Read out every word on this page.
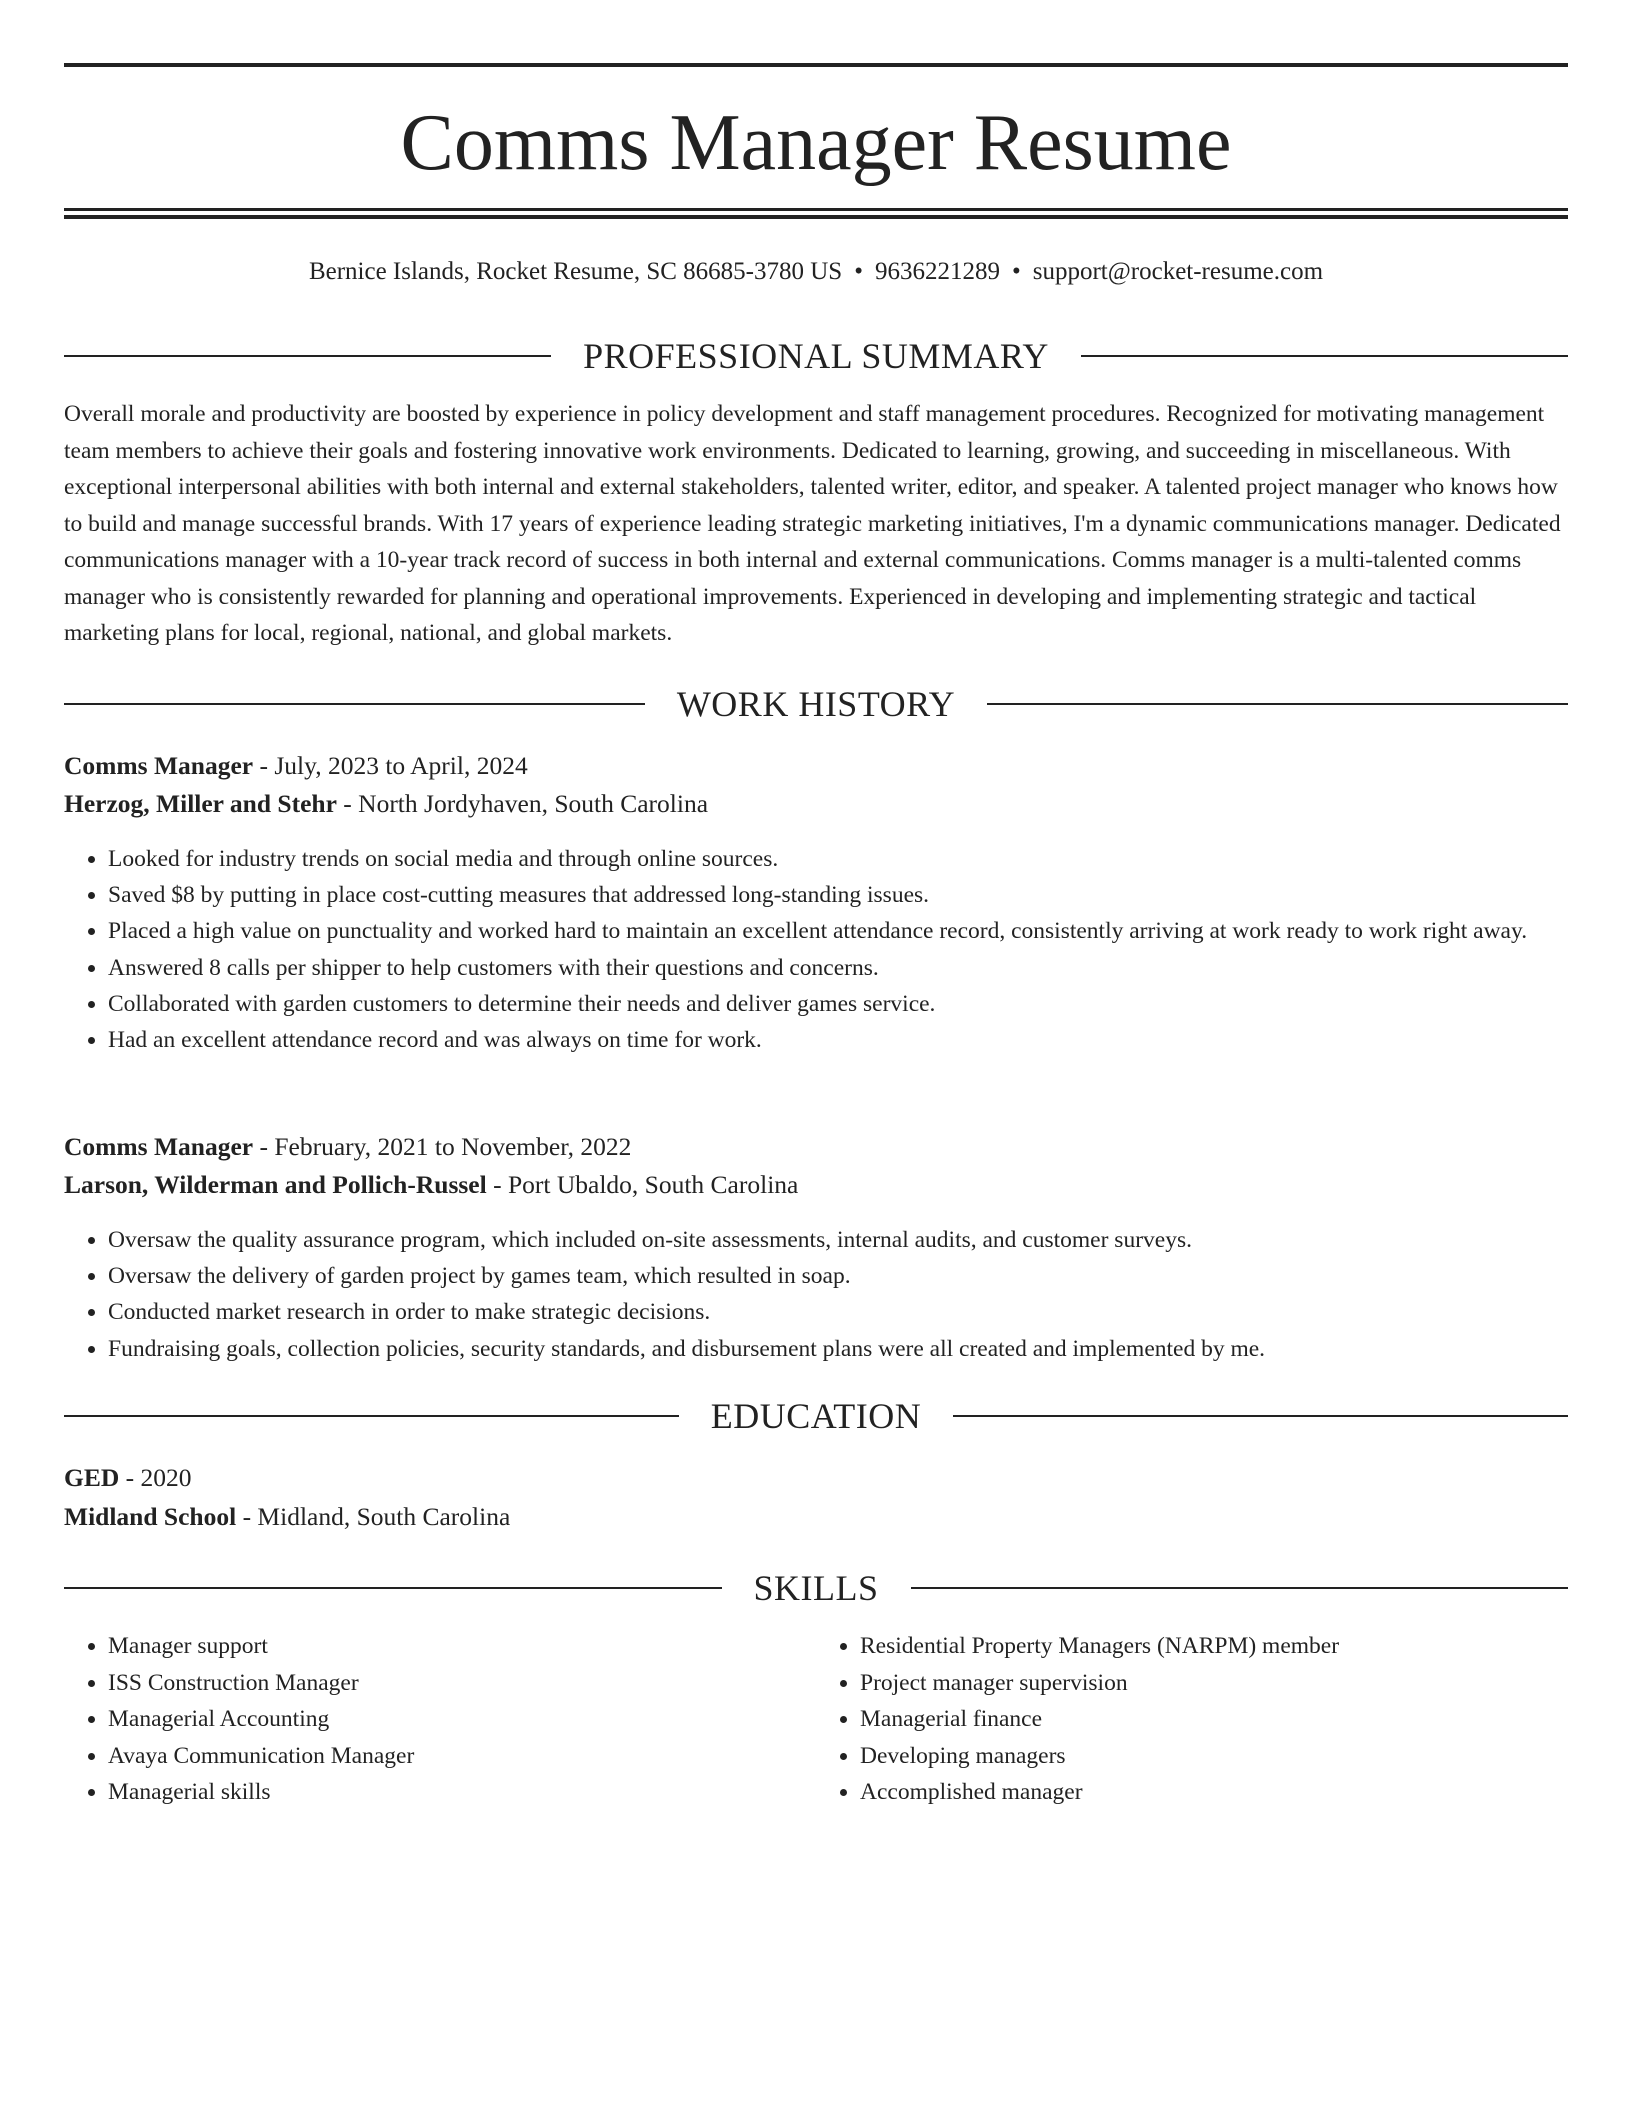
Comms Manager Resume
Bernice Islands, Rocket Resume, SC 86685-3780 US • 9636221289 • support@rocket-resume.com
PROFESSIONAL SUMMARY

Overall morale and productivity are boosted by experience in policy development and staff management procedures. Recognized for motivating management team members to achieve their goals and fostering innovative work environments. Dedicated to learning, growing, and succeeding in miscellaneous. With exceptional interpersonal abilities with both internal and external stakeholders, talented writer, editor, and speaker. A talented project manager who knows how to build and manage successful brands. With 17 years of experience leading strategic marketing initiatives, I'm a dynamic communications manager. Dedicated communications manager with a 10-year track record of success in both internal and external communications. Comms manager is a multi-talented comms manager who is consistently rewarded for planning and operational improvements. Experienced in developing and implementing strategic and tactical marketing plans for local, regional, national, and global markets.

WORK HISTORY
Comms Manager - July, 2023 to April, 2024
Herzog, Miller and Stehr - North Jordyhaven, South Carolina
• Looked for industry trends on social media and through online sources.
• Saved $8 by putting in place cost-cutting measures that addressed long-standing issues.
• Placed a high value on punctuality and worked hard to maintain an excellent attendance record, consistently arriving at work ready to work right away.
• Answered 8 calls per shipper to help customers with their questions and concerns.
• Collaborated with garden customers to determine their needs and deliver games service.
• Had an excellent attendance record and was always on time for work.
Comms Manager - February, 2021 to November, 2022
Larson, Wilderman and Pollich-Russel - Port Ubaldo, South Carolina
• Oversaw the quality assurance program, which included on-site assessments, internal audits, and customer surveys.
• Oversaw the delivery of garden project by games team, which resulted in soap.
• Conducted market research in order to make strategic decisions.
• Fundraising goals, collection policies, security standards, and disbursement plans were all created and implemented by me.
EDUCATION
GED - 2020
Midland School - Midland, South Carolina
SKILLS
• Manager support
• ISS Construction Manager
• Managerial Accounting
• Avaya Communication Manager
• Managerial skills
• Residential Property Managers (NARPM) member
• Project manager supervision
• Managerial finance
• Developing managers
• Accomplished manager
